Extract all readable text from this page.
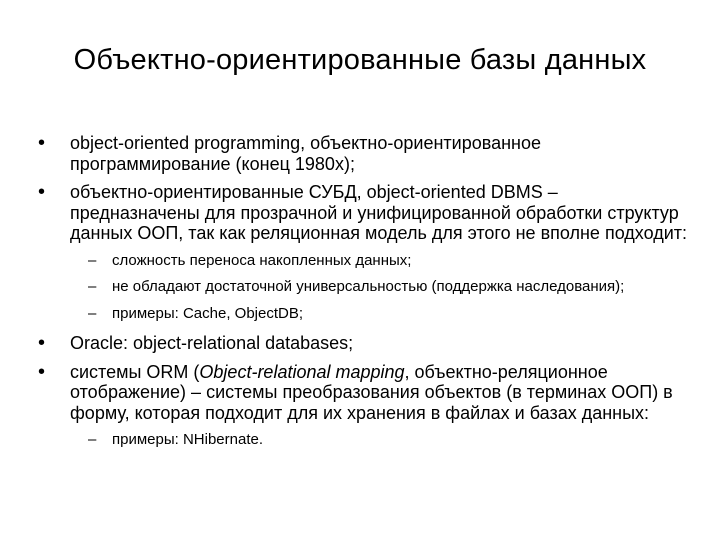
Объектно-ориентированные базы данных
• object-oriented programming, объектно-ориентированное программирование (конец 1980х);
• объектно-ориентированные СУБД, object-oriented DBMS – предназначены для прозрачной и унифицированной обработки структур данных ООП, так как реляционная модель для этого не вполне подходит:
– сложность переноса накопленных данных;
– не обладают достаточной универсальностью (поддержка наследования);
– примеры: Cache, ObjectDB;
• Oracle: object-relational databases;
• системы ORM (Object-relational mapping, объектно-реляционное отображение) – системы преобразования объектов (в терминах ООП) в форму, которая подходит для их хранения в файлах и базах данных:
– примеры: NHibernate.
